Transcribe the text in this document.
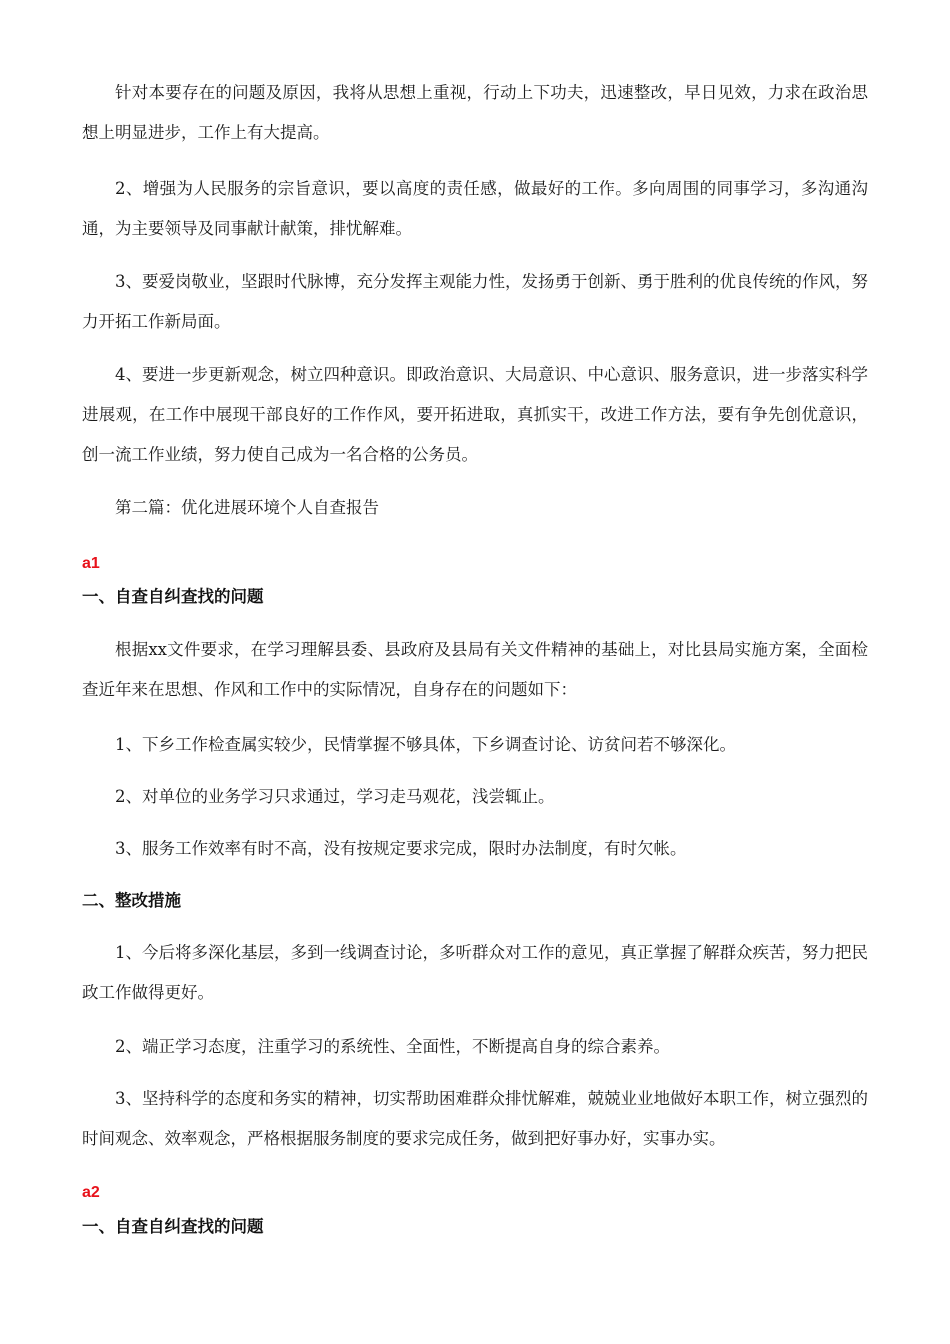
针对本要存在的问题及原因，我将从思想上重视，行动上下功夫，迅速整改，早日见效，力求在政治思想上明显进步，工作上有大提高。

2、增强为人民服务的宗旨意识，要以高度的责任感，做最好的工作。多向周围的同事学习，多沟通沟通，为主要领导及同事献计献策，排忧解难。

3、要爱岗敬业，坚跟时代脉博，充分发挥主观能力性，发扬勇于创新、勇于胜利的优良传统的作风，努力开拓工作新局面。

4、要进一步更新观念，树立四种意识。即政治意识、大局意识、中心意识、服务意识，进一步落实科学进展观，在工作中展现干部良好的工作作风，要开拓进取，真抓实干，改进工作方法，要有争先创优意识，创一流工作业绩，努力使自己成为一名合格的公务员。

第二篇：优化进展环境个人自查报告

a1

一、自查自纠查找的问题

根据xx文件要求，在学习理解县委、县政府及县局有关文件精神的基础上，对比县局实施方案，全面检查近年来在思想、作风和工作中的实际情况，自身存在的问题如下：

1、下乡工作检查属实较少，民情掌握不够具体，下乡调查讨论、访贫问若不够深化。

2、对单位的业务学习只求通过，学习走马观花，浅尝辄止。

3、服务工作效率有时不高，没有按规定要求完成，限时办法制度，有时欠帐。

二、整改措施

1、今后将多深化基层，多到一线调查讨论，多听群众对工作的意见，真正掌握了解群众疾苦，努力把民政工作做得更好。

2、端正学习态度，注重学习的系统性、全面性，不断提高自身的综合素养。

3、坚持科学的态度和务实的精神，切实帮助困难群众排忧解难，兢兢业业地做好本职工作，树立强烈的时间观念、效率观念，严格根据服务制度的要求完成任务，做到把好事办好，实事办实。

a2

一、自查自纠查找的问题
